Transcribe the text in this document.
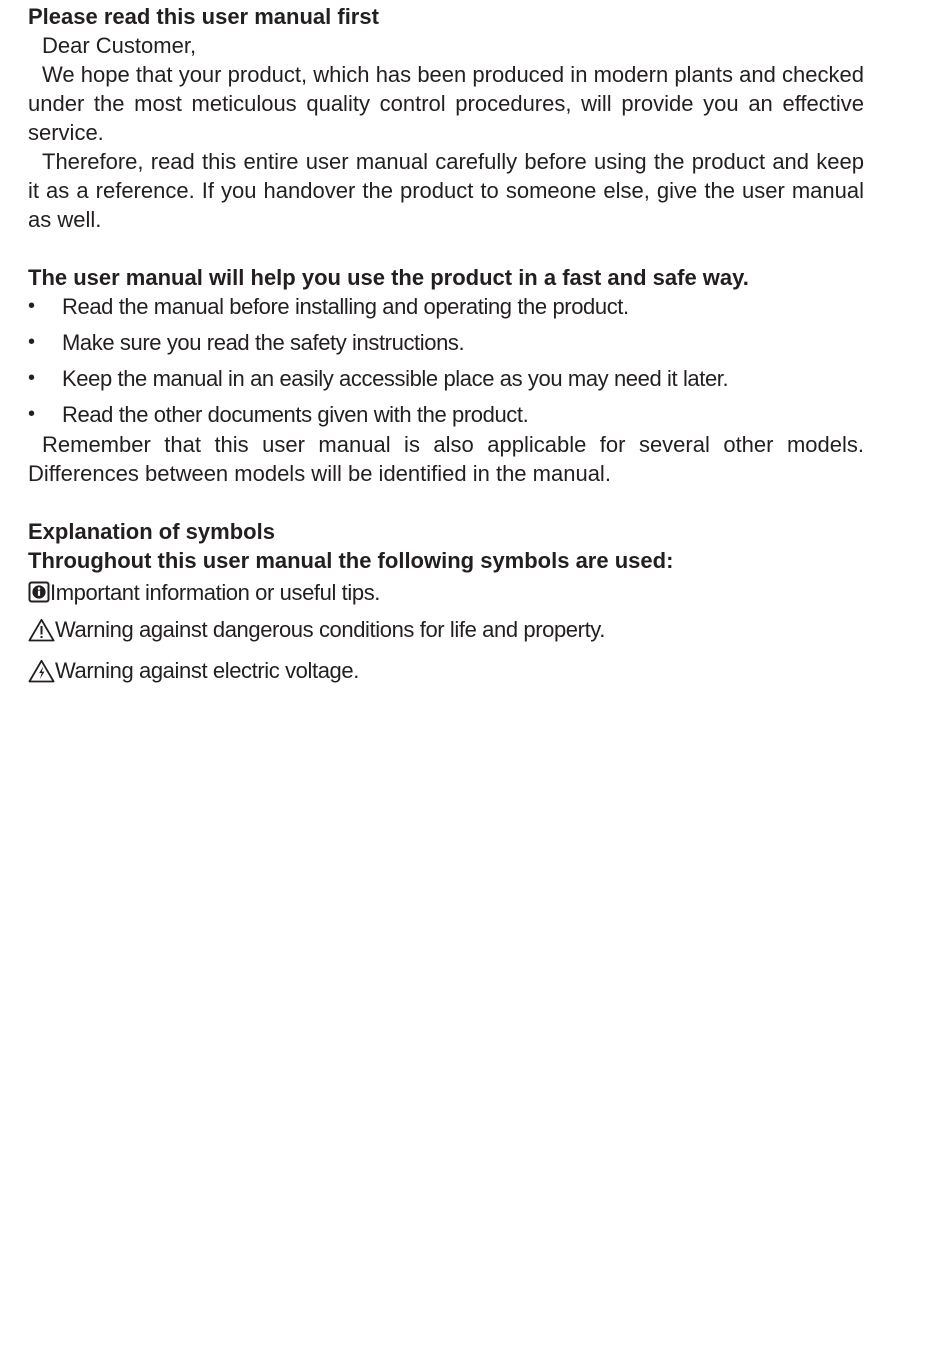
Please read this user manual first

Dear Customer,

We hope that your product, which has been produced in modern plants and checked under the most meticulous quality control procedures, will provide you an effective service.

Therefore, read this entire user manual carefully before using the product and keep it as a reference. If you handover the product to someone else, give the user manual as well.

The user manual will help you use the product in a fast and safe way.

• Read the manual before installing and operating the product.
• Make sure you read the safety instructions.
• Keep the manual in an easily accessible place as you may need it later.
• Read the other documents given with the product.

Remember that this user manual is also applicable for several other models. Differences between models will be identified in the manual.

Explanation of symbols

Throughout this user manual the following symbols are used:

Important information or useful tips.
Warning against dangerous conditions for life and property.
Warning against electric voltage.
